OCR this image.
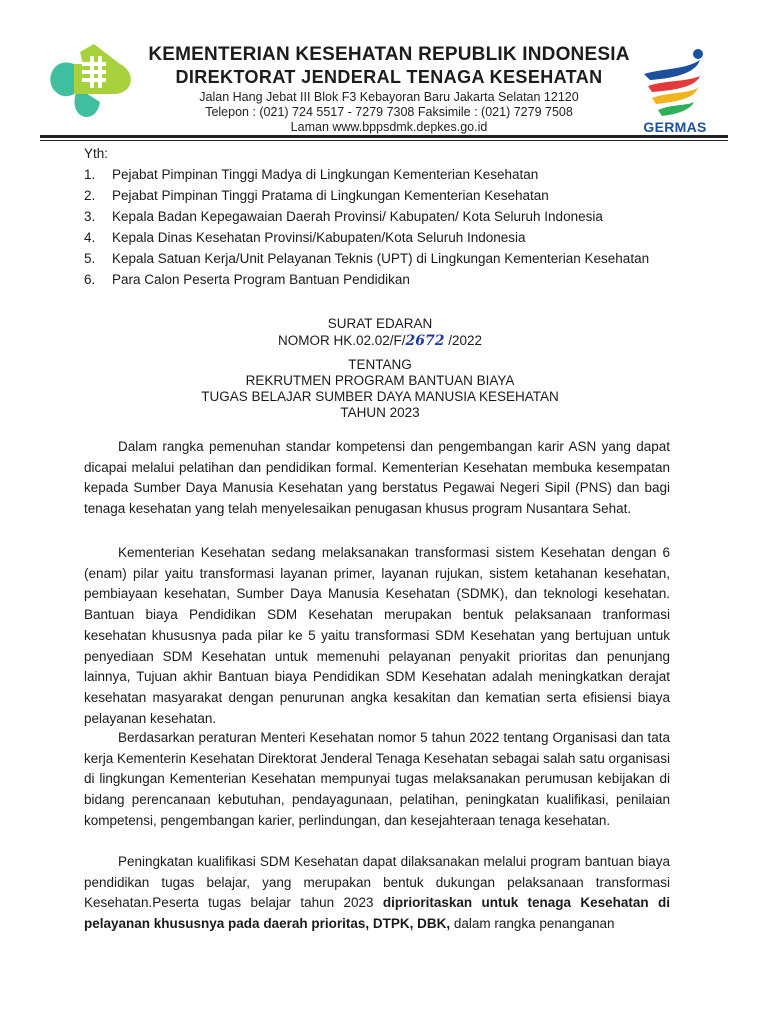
KEMENTERIAN KESEHATAN REPUBLIK INDONESIA
DIREKTORAT JENDERAL TENAGA KESEHATAN
Jalan Hang Jebat III Blok F3 Kebayoran Baru Jakarta Selatan 12120
Telepon : (021) 724 5517 - 7279 7308 Faksimile : (021) 7279 7508
Laman www.bppsdmk.depkes.go.id	GERMAS
Yth:
1. Pejabat Pimpinan Tinggi Madya di Lingkungan Kementerian Kesehatan
2. Pejabat Pimpinan Tinggi Pratama di Lingkungan Kementerian Kesehatan
3. Kepala Badan Kepegawaian Daerah Provinsi/ Kabupaten/ Kota Seluruh Indonesia
4. Kepala Dinas Kesehatan Provinsi/Kabupaten/Kota Seluruh Indonesia
5. Kepala Satuan Kerja/Unit Pelayanan Teknis (UPT) di Lingkungan Kementerian Kesehatan
6. Para Calon Peserta Program Bantuan Pendidikan
SURAT EDARAN
NOMOR HK.02.02/F/2672 /2022
TENTANG
REKRUTMEN PROGRAM BANTUAN BIAYA
TUGAS BELAJAR SUMBER DAYA MANUSIA KESEHATAN
TAHUN 2023
Dalam rangka pemenuhan standar kompetensi dan pengembangan karir ASN yang dapat dicapai melalui pelatihan dan pendidikan formal. Kementerian Kesehatan membuka kesempatan kepada Sumber Daya Manusia Kesehatan yang berstatus Pegawai Negeri Sipil (PNS) dan bagi tenaga kesehatan yang telah menyelesaikan penugasan khusus program Nusantara Sehat.
Kementerian Kesehatan sedang melaksanakan transformasi sistem Kesehatan dengan 6 (enam) pilar yaitu transformasi layanan primer, layanan rujukan, sistem ketahanan kesehatan, pembiayaan kesehatan, Sumber Daya Manusia Kesehatan (SDMK), dan teknologi kesehatan. Bantuan biaya Pendidikan SDM Kesehatan merupakan bentuk pelaksanaan tranformasi kesehatan khususnya pada pilar ke 5 yaitu transformasi SDM Kesehatan yang bertujuan untuk penyediaan SDM Kesehatan untuk memenuhi pelayanan penyakit prioritas dan penunjang lainnya, Tujuan akhir Bantuan biaya Pendidikan SDM Kesehatan adalah meningkatkan derajat kesehatan masyarakat dengan penurunan angka kesakitan dan kematian serta efisiensi biaya pelayanan kesehatan.
Berdasarkan peraturan Menteri Kesehatan nomor 5 tahun 2022 tentang Organisasi dan tata kerja Kementerin Kesehatan Direktorat Jenderal Tenaga Kesehatan sebagai salah satu organisasi di lingkungan Kementerian Kesehatan mempunyai tugas melaksanakan perumusan kebijakan di bidang perencanaan kebutuhan, pendayagunaan, pelatihan, peningkatan kualifikasi, penilaian kompetensi, pengembangan karier, perlindungan, dan kesejahteraan tenaga kesehatan.
Peningkatan kualifikasi SDM Kesehatan dapat dilaksanakan melalui program bantuan biaya pendidikan tugas belajar, yang merupakan bentuk dukungan pelaksanaan transformasi Kesehatan.Peserta tugas belajar tahun 2023 diprioritaskan untuk tenaga Kesehatan di pelayanan khususnya pada daerah prioritas, DTPK, DBK, dalam rangka penanganan
